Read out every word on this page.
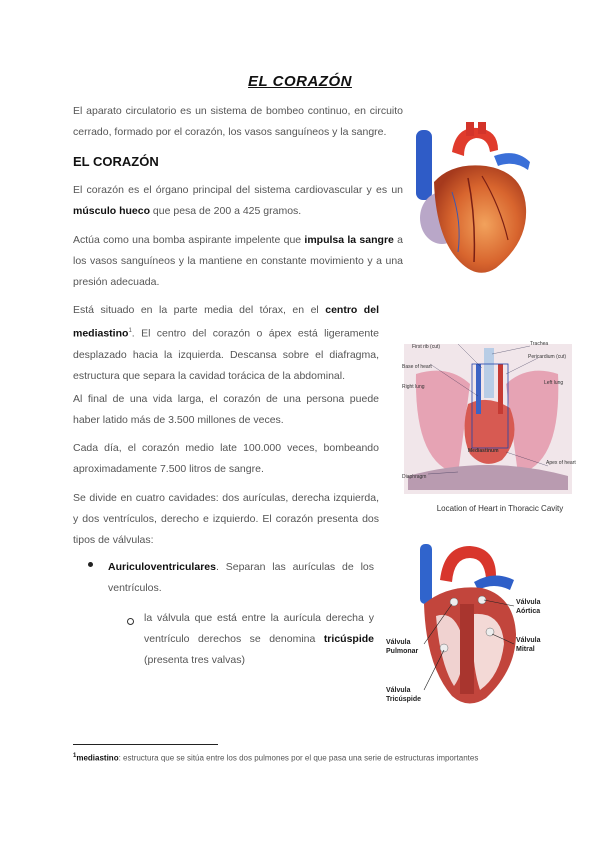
EL CORAZÓN
El aparato circulatorio es un sistema de bombeo continuo, en circuito cerrado, formado por el corazón, los vasos sanguíneos y la sangre.
EL CORAZÓN
El corazón es el órgano principal del sistema cardiovascular y es un músculo hueco que pesa de 200 a 425 gramos.
Actúa como una bomba aspirante impelente que impulsa la sangre a los vasos sanguíneos y la mantiene en constante movimiento y a una presión adecuada.
Está situado en la parte media del tórax, en el centro del mediastino$^1$. El centro del corazón o ápex está ligeramente desplazado hacia la izquierda. Descansa sobre el diafragma, estructura que separa la cavidad torácica de la abdominal.
Al final de una vida larga, el corazón de una persona puede haber latido más de 3.500 millones de veces.
Cada día, el corazón medio late 100.000 veces, bombeando aproximadamente 7.500 litros de sangre.
Se divide en cuatro cavidades: dos aurículas, derecha izquierda, y dos ventrículos, derecho e izquierdo. El corazón presenta dos tipos de válvulas:
Auriculoventriculares. Separan las aurículas de los ventrículos.
la válvula que está entre la aurícula derecha y ventrículo derechos se denomina tricúspide (presenta tres valvas)
$^1$mediastino: estructura que se sitúa entre los dos pulmones por el que pasa una serie de estructuras importantes
First rib (cut)
Base of heart
Right lung
Diaphragm
Trachea
Pericardium (cut)
Left lung
Mediastinum
Apex of heart
Location of Heart in Thoracic Cavity
Válvula
Aórtica
Válvula
Pulmonar
Válvula
Mitral
Válvula
Tricúspide
